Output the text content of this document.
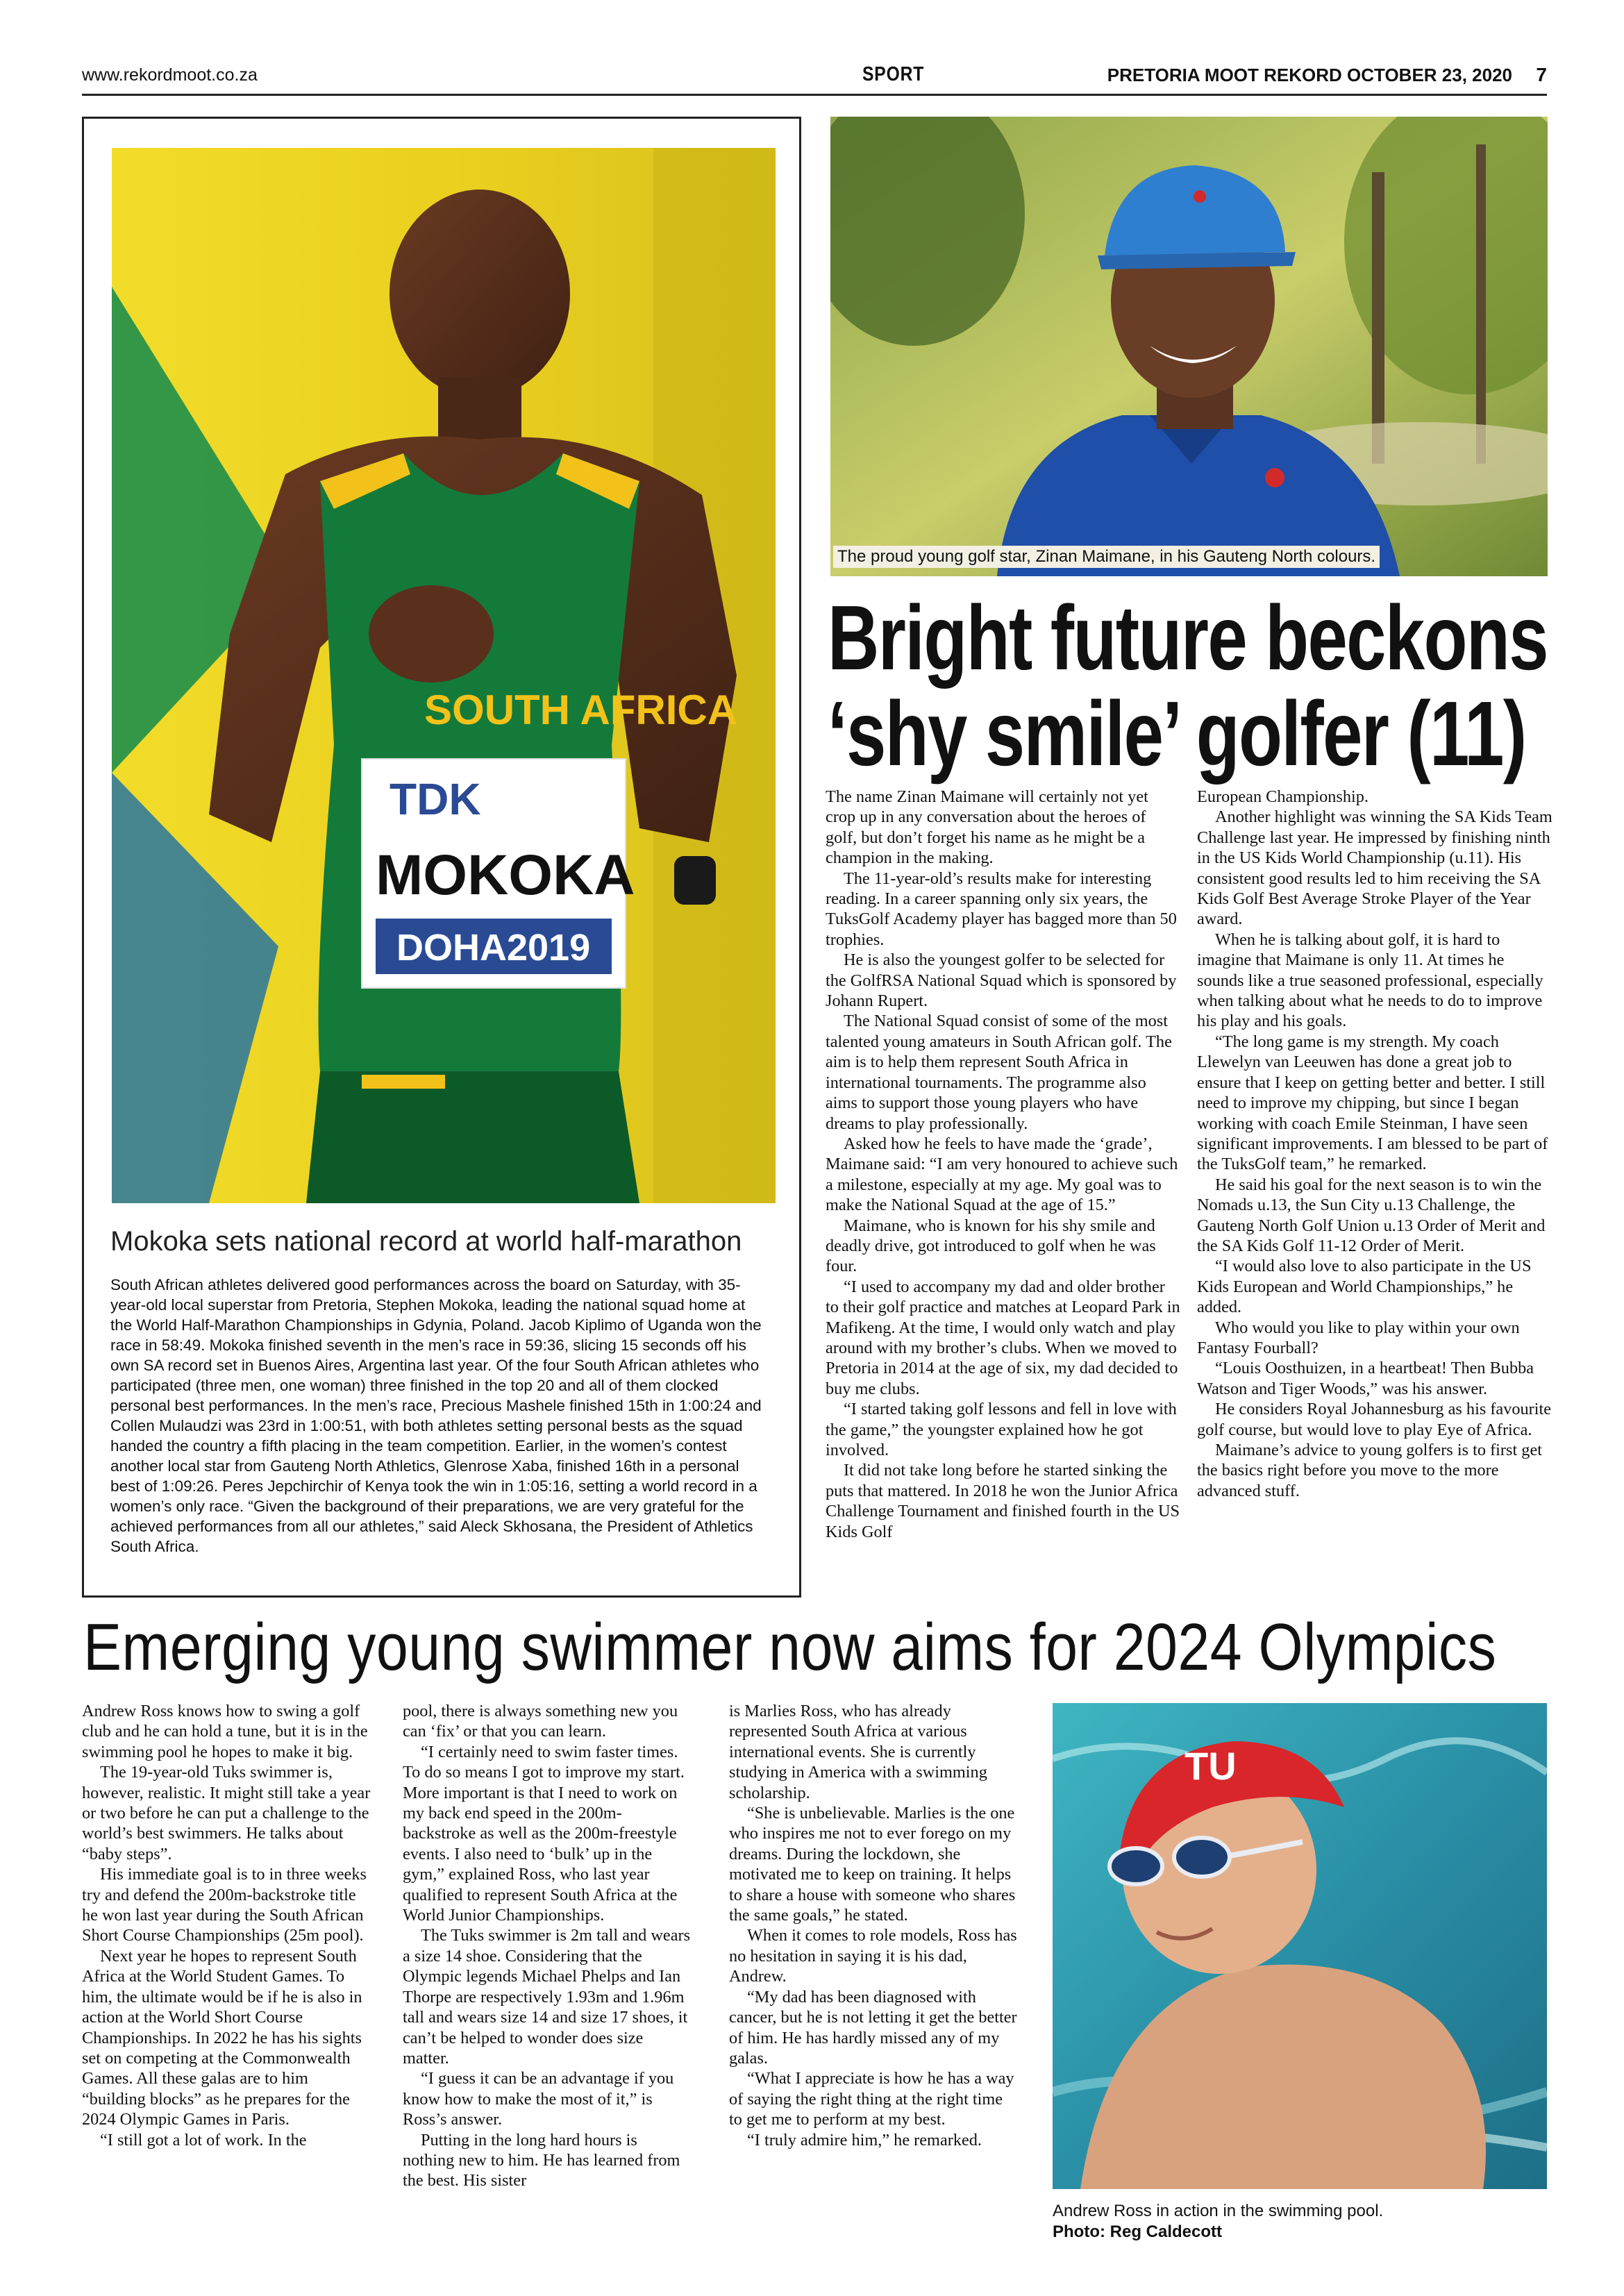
www.rekordmoot.co.za	SPORT	PRETORIA MOOT REKORD OCTOBER 23, 2020 7
SOUTH AFRICA
TDK
MOKOKA
DOHA2019
Mokoka sets national record at world half-marathon
South African athletes delivered good performances across the board on Saturday, with 35-year-old local superstar from Pretoria, Stephen Mokoka, leading the national squad home at the World Half-Marathon Championships in Gdynia, Poland. Jacob Kiplimo of Uganda won the race in 58:49. Mokoka finished seventh in the men’s race in 59:36, slicing 15 seconds off his own SA record set in Buenos Aires, Argentina last year. Of the four South African athletes who participated (three men, one woman) three finished in the top 20 and all of them clocked personal best performances. In the men’s race, Precious Mashele finished 15th in 1:00:24 and Collen Mulaudzi was 23rd in 1:00:51, with both athletes setting personal bests as the squad handed the country a fifth placing in the team competition. Earlier, in the women’s contest another local star from Gauteng North Athletics, Glenrose Xaba, finished 16th in a personal best of 1:09:26. Peres Jepchirchir of Kenya took the win in 1:05:16, setting a world record in a women’s only race. “Given the background of their preparations, we are very grateful for the achieved performances from all our athletes,” said Aleck Skhosana, the President of Athletics South Africa.
The proud young golf star, Zinan Maimane, in his Gauteng North colours.
Bright future beckons
‘shy smile’ golfer (11)

The name Zinan Maimane will certainly not yet crop up in any conversation about the heroes of golf, but don’t forget his name as he might be a champion in the making.

The 11-year-old’s results make for interesting reading. In a career spanning only six years, the TuksGolf Academy player has bagged more than 50 trophies.

He is also the youngest golfer to be selected for the GolfRSA National Squad which is sponsored by Johann Rupert.

The National Squad consist of some of the most talented young amateurs in South African golf. The aim is to help them represent South Africa in international tournaments. The programme also aims to support those young players who have dreams to play professionally.

Asked how he feels to have made the ‘grade’, Maimane said: “I am very honoured to achieve such a milestone, especially at my age. My goal was to make the National Squad at the age of 15.”

Maimane, who is known for his shy smile and deadly drive, got introduced to golf when he was four.

“I used to accompany my dad and older brother to their golf practice and matches at Leopard Park in Mafikeng. At the time, I would only watch and play around with my brother’s clubs. When we moved to Pretoria in 2014 at the age of six, my dad decided to buy me clubs.

“I started taking golf lessons and fell in love with the game,” the youngster explained how he got involved.

It did not take long before he started sinking the puts that mattered. In 2018 he won the Junior Africa Challenge Tournament and finished fourth in the US Kids Golf

European Championship.

Another highlight was winning the SA Kids Team Challenge last year. He impressed by finishing ninth in the US Kids World Championship (u.11). His consistent good results led to him receiving the SA Kids Golf Best Average Stroke Player of the Year award.

When he is talking about golf, it is hard to imagine that Maimane is only 11. At times he sounds like a true seasoned professional, especially when talking about what he needs to do to improve his play and his goals.

“The long game is my strength. My coach Llewelyn van Leeuwen has done a great job to ensure that I keep on getting better and better. I still need to improve my chipping, but since I began working with coach Emile Steinman, I have seen significant improvements. I am blessed to be part of the TuksGolf team,” he remarked.

He said his goal for the next season is to win the Nomads u.13, the Sun City u.13 Challenge, the Gauteng North Golf Union u.13 Order of Merit and the SA Kids Golf 11-12 Order of Merit.

“I would also love to also participate in the US Kids European and World Championships,” he added.

Who would you like to play within your own Fantasy Fourball?

“Louis Oosthuizen, in a heartbeat! Then Bubba Watson and Tiger Woods,” was his answer.

He considers Royal Johannesburg as his favourite golf course, but would love to play Eye of Africa.

Maimane’s advice to young golfers is to first get the basics right before you move to the more advanced stuff.

Emerging young swimmer now aims for 2024 Olympics

Andrew Ross knows how to swing a golf club and he can hold a tune, but it is in the swimming pool he hopes to make it big.

The 19-year-old Tuks swimmer is, however, realistic. It might still take a year or two before he can put a challenge to the world’s best swimmers. He talks about “baby steps”.

His immediate goal is to in three weeks try and defend the 200m-backstroke title he won last year during the South African Short Course Championships (25m pool).

Next year he hopes to represent South Africa at the World Student Games. To him, the ultimate would be if he is also in action at the World Short Course Championships. In 2022 he has his sights set on competing at the Commonwealth Games. All these galas are to him “building blocks” as he prepares for the 2024 Olympic Games in Paris.

“I still got a lot of work. In the

pool, there is always something new you can ‘fix’ or that you can learn.

“I certainly need to swim faster times. To do so means I got to improve my start. More important is that I need to work on my back end speed in the 200m-backstroke as well as the 200m-freestyle events. I also need to ‘bulk’ up in the gym,” explained Ross, who last year qualified to represent South Africa at the World Junior Championships.

The Tuks swimmer is 2m tall and wears a size 14 shoe. Considering that the Olympic legends Michael Phelps and Ian Thorpe are respectively 1.93m and 1.96m tall and wears size 14 and size 17 shoes, it can’t be helped to wonder does size matter.

“I guess it can be an advantage if you know how to make the most of it,” is Ross’s answer.

Putting in the long hard hours is nothing new to him. He has learned from the best. His sister

is Marlies Ross, who has already represented South Africa at various international events. She is currently studying in America with a swimming scholarship.

“She is unbelievable. Marlies is the one who inspires me not to ever forego on my dreams. During the lockdown, she motivated me to keep on training. It helps to share a house with someone who shares the same goals,” he stated.

When it comes to role models, Ross has no hesitation in saying it is his dad, Andrew.

“My dad has been diagnosed with cancer, but he is not letting it get the better of him. He has hardly missed any of my galas.

“What I appreciate is how he has a way of saying the right thing at the right time to get me to perform at my best.

“I truly admire him,” he remarked.

TU
Andrew Ross in action in the swimming pool.
Photo: Reg Caldecott
